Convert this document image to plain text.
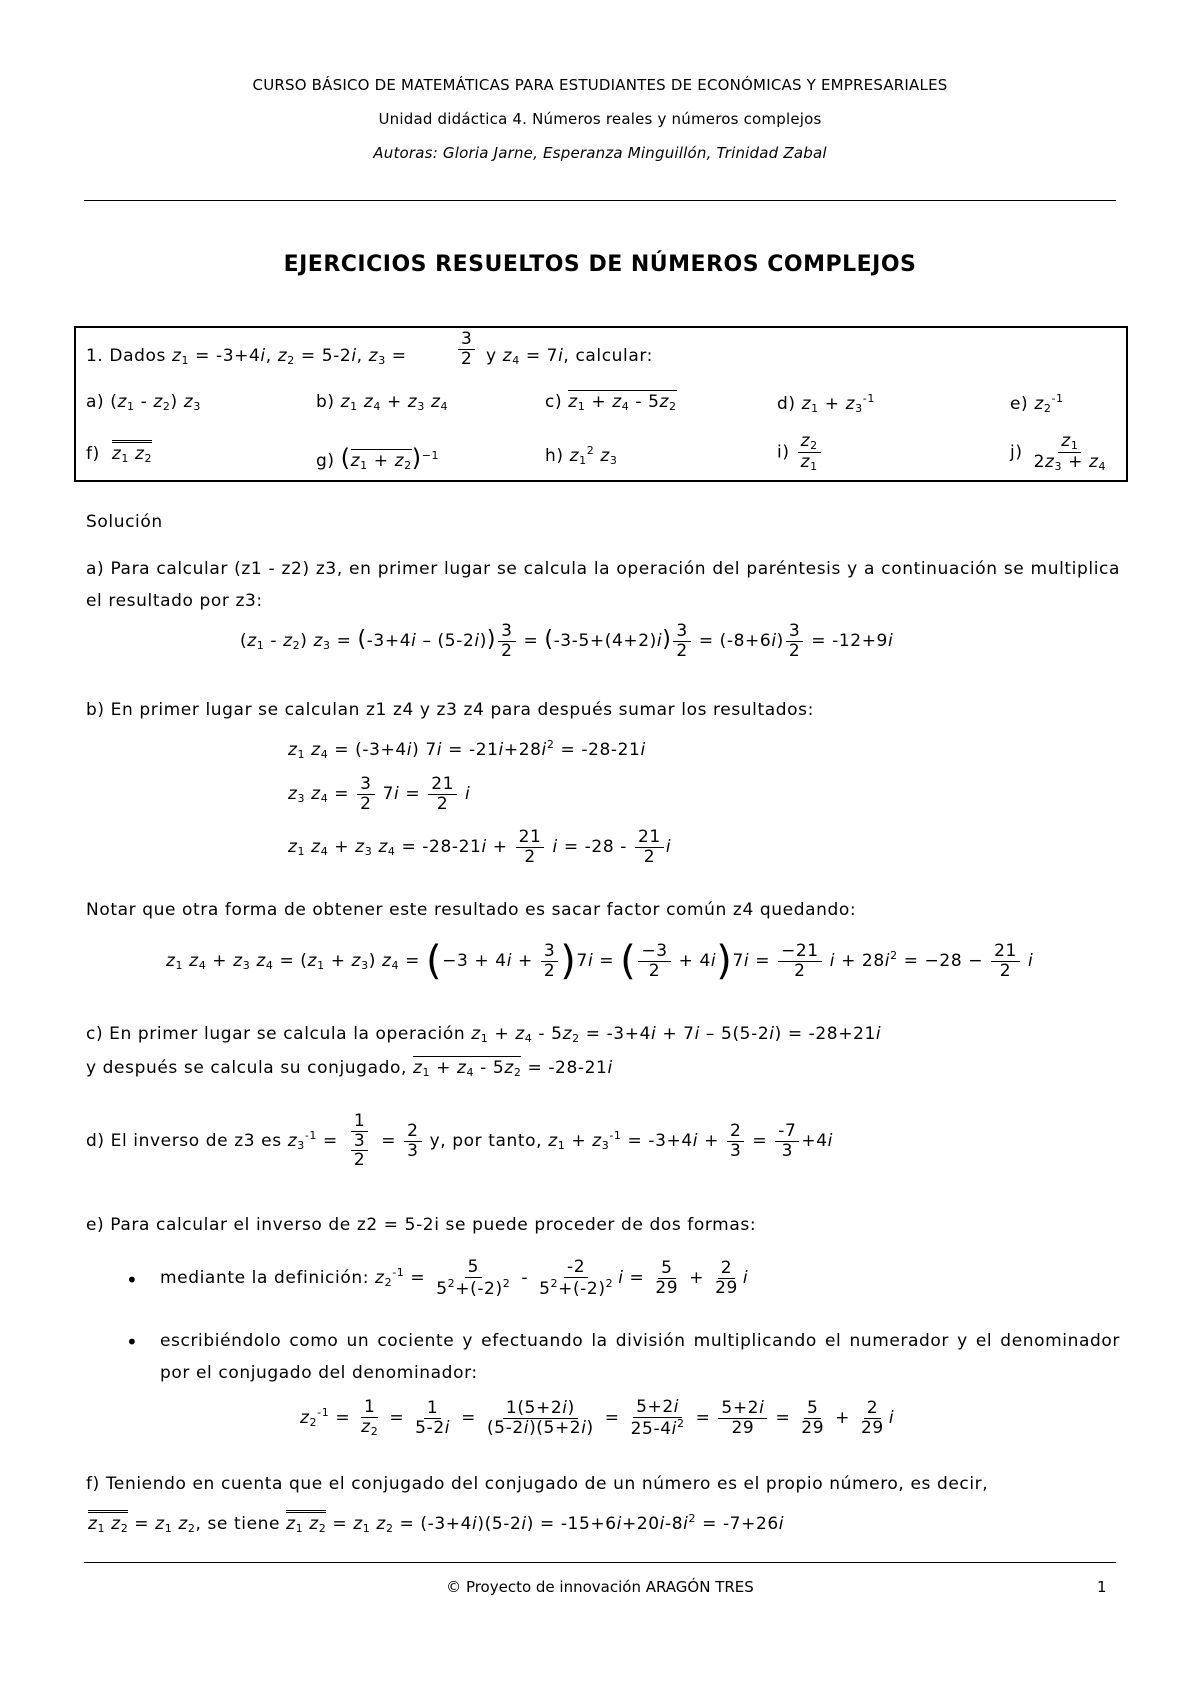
CURSO BÁSICO DE MATEMÁTICAS PARA ESTUDIANTES DE ECONÓMICAS Y EMPRESARIALES
Unidad didáctica 4. Números reales y números complejos
Autoras: Gloria Jarne, Esperanza Minguillón, Trinidad Zabal
EJERCICIOS RESUELTOS DE NÚMEROS COMPLEJOS
1. Dados $z_1 = -3+4i$, $z_2 = 5-2i$, $z_3$ =	$\frac{3}{2}$ y $z_4 = 7i$, calcular:
a) $(z_1 - z_2)$ $z_3$	b) $z_1$ $z_4 + z_3$ $z_4$	c) $z_1 + z_4 - 5z_2$	d) $z_1 + z_3^{-1}$	e) $z_2^{-1}$
f) $z_1$ $z_2$	g) $(z_1 + z_2)^{-1}$	h) $z_1^2$ $z_3$	$i) \frac{z_2}{z_1}$	$j) \frac{z_1}{2z_3 + z_4}$
Solución
a) Para calcular (z1 - z2) z3, en primer lugar se calcula la operación del paréntesis y a continuación se multiplica el resultado por z3:
$(z_1 - z_2) z_3 = (-3+4i - (5-2i)) \frac{3}{2} = (-3-5+(4+2)i) \frac{3}{2} = (-8+6i) \frac{3}{2} = -12+9i$
b) En primer lugar se calculan z1 z4 y z3 z4 para después sumar los resultados:
$z_1$ $z_4 = (-3+4i) 7i = -21i+28i^2 = -28-21i$
$z_3$ $z_4 = \frac{3}{2} 7i = \frac{21}{2}$ i
$z_1$ $z_4 + z_3$ $z_4 = -28-21i + \frac{21}{2}$ $i = -28 - \frac{21}{2}$ i
Notar que otra forma de obtener este resultado es sacar factor común z4 quedando:
$z_1$ $z_4 + z_3$ $z_4 = (z_1 + z_3) z_4 = (-3 + 4i + \frac{3}{2} )7i$ = ( $\frac{-3}{2} + 4i)7i = \frac{-21}{2}$ $i + 28i^2 = -28 - \frac{21}{2}$ i
c) En primer lugar se calcula la operación $z_1 + z_4 - 5z_2 = -3+4i + 7i - 5(5-2i) = -28+21i$
y después se calcula su conjugado, $z_1 + z_4 - 5z_2 = -28-21i$
d) El inverso de z3 es $z_3^{-1} = \frac{1}{\frac{3}{2}} = \frac{2}{3} y$, por tanto, $z_1 + z_3^{-1} = -3+4i + \frac{2}{3} = \frac{-7}{3} +4i$
e) Para calcular el inverso de z2 = 5-2i se puede proceder de dos formas:
• mediante la definición: $z_2^{-1} = \frac{5}{5^2+(-2)^2} - \frac{-2}{5^2+(-2)^2}$ $i = \frac{5}{29} + \frac{2}{29}$ i
• escribiéndolo como un cociente y efectuando la división multiplicando el numerador y el denominador por el conjugado del denominador:
$z_2^{-1} = \frac{1}{z_2} = \frac{1}{5-2i} = \frac{1(5+2i)}{(5-2i)(5+2i)} = \frac{5+2i}{25-4i^2} = \frac{5+2i}{29} = \frac{5}{29} + \frac{2}{29}$ i
f) Teniendo en cuenta que el conjugado del conjugado de un número es el propio número, es decir,
$z_1$ $z_2 = z_1$ $z_2$, se tiene $z_1$ $z_2 = z_1$ $z_2 = (-3+4i)(5-2i) = -15+6i+20i-8i^2 = -7+26i$
© Proyecto de innovación ARAGÓN TRES	1
